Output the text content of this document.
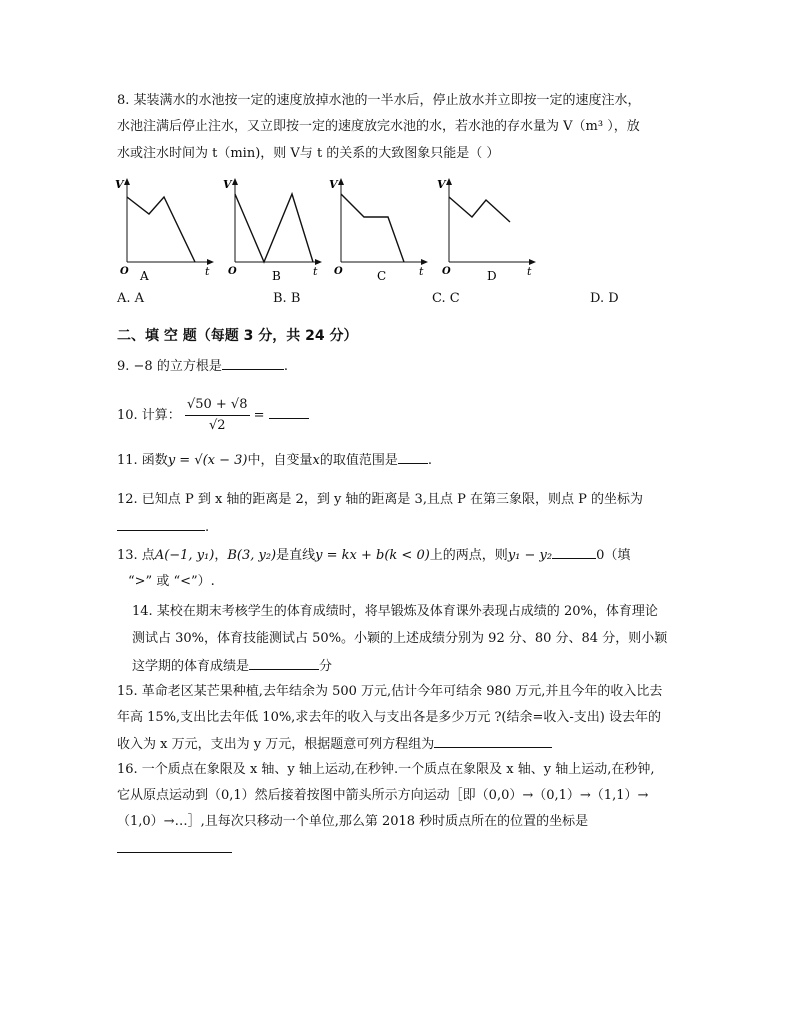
8. 某装满水的水池按一定的速度放掉水池的一半水后，停止放水并立即按一定的速度注水，
水池注满后停止注水，又立即按一定的速度放完水池的水，若水池的存水量为 V（m³ ），放
水或注水时间为 t（min)，则 V与 t 的关系的大致图象只能是（ ）
V
O	t
A
V
O	t
B
V
O	t
C
V
O	t
D
A. A	B. B	C. C	D. D
二、填 空 题（每题 3 分，共 24 分）
9. −8 的立方根是	.
10. 计算： $\frac{√50 + √8}{√2}$ =
11. 函数y = √(x − 3)中，自变量x的取值范围是 .
12. 已知点 P 到 x 轴的距离是 2，到 y 轴的距离是 3,且点 P 在第三象限，则点 P 的坐标为
.
13. 点A(−1, y₁)，B(3, y₂)是直线y = kx + b(k < 0)上的两点，则y₁ − y₂	0（填
“>” 或 “<”）.
14. 某校在期末考核学生的体育成绩时，将早锻炼及体育课外表现占成绩的 20%，体育理论
测试占 30%，体育技能测试占 50%。小颖的上述成绩分别为 92 分、80 分、84 分，则小颖
这学期的体育成绩是	分
15. 革命老区某芒果种植,去年结余为 500 万元,估计今年可结余 980 万元,并且今年的收入比去
年高 15%,支出比去年低 10%,求去年的收入与支出各是多少万元 ?(结余=收入-支出) 设去年的
收入为 x 万元，支出为 y 万元，根据题意可列方程组为
16. 一个质点在象限及 x 轴、y 轴上运动,在秒钟.一个质点在象限及 x 轴、y 轴上运动,在秒钟,
它从原点运动到（0,1）然后接着按图中箭头所示方向运动［即（0,0）→（0,1）→（1,1）→
（1,0）→…］,且每次只移动一个单位,那么第 2018 秒时质点所在的位置的坐标是
